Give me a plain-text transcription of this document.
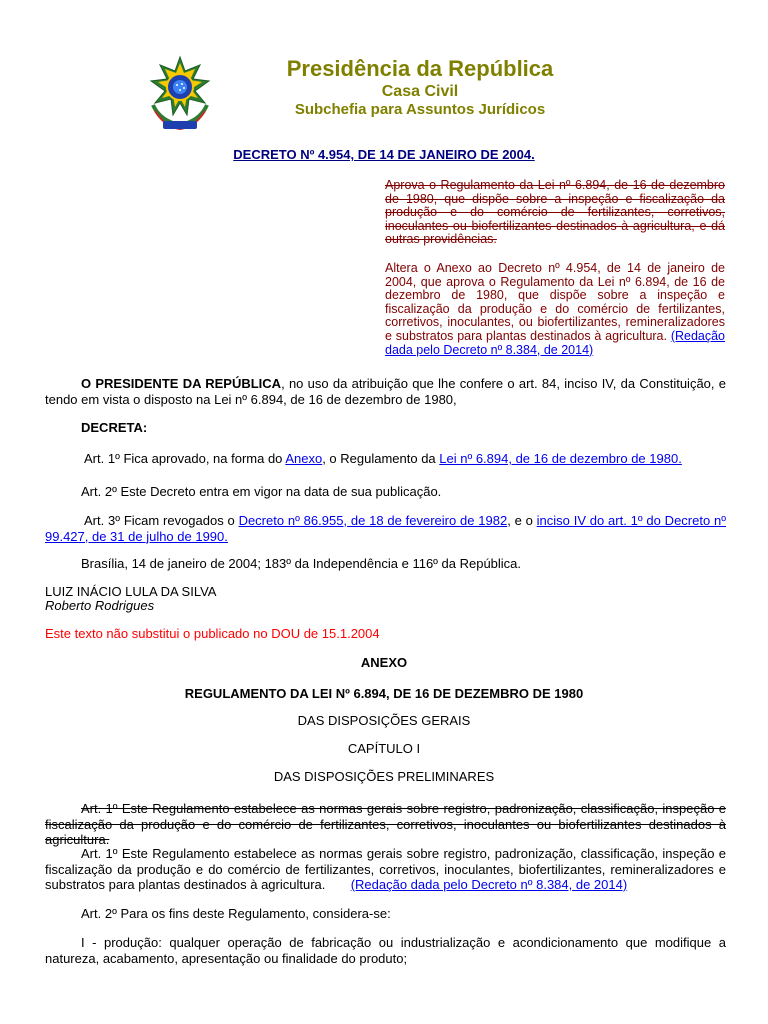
Presidência da República
Casa Civil
Subchefia para Assuntos Jurídicos
DECRETO Nº 4.954, DE 14 DE JANEIRO DE 2004.
Aprova o Regulamento da Lei nº 6.894, de 16 de dezembro de 1980, que dispõe sobre a inspeção e fiscalização da produção e do comércio de fertilizantes, corretivos, inoculantes ou biofertilizantes destinados à agricultura, e dá outras providências.
Altera o Anexo ao Decreto nº 4.954, de 14 de janeiro de 2004, que aprova o Regulamento da Lei nº 6.894, de 16 de dezembro de 1980, que dispõe sobre a inspeção e fiscalização da produção e do comércio de fertilizantes, corretivos, inoculantes, ou biofertilizantes, remineralizadores e substratos para plantas destinados à agricultura. (Redação dada pelo Decreto nº 8.384, de 2014)
O PRESIDENTE DA REPÚBLICA, no uso da atribuição que lhe confere o art. 84, inciso IV, da Constituição, e tendo em vista o disposto na Lei nº 6.894, de 16 de dezembro de 1980,
DECRETA:
Art. 1º Fica aprovado, na forma do Anexo, o Regulamento da Lei nº 6.894, de 16 de dezembro de 1980.
Art. 2º Este Decreto entra em vigor na data de sua publicação.
Art. 3º Ficam revogados o Decreto nº 86.955, de 18 de fevereiro de 1982, e o inciso IV do art. 1º do Decreto nº 99.427, de 31 de julho de 1990.
Brasília, 14 de janeiro de 2004; 183º da Independência e 116º da República.
LUIZ INÁCIO LULA DA SILVA
Roberto Rodrigues
Este texto não substitui o publicado no DOU de 15.1.2004
ANEXO
REGULAMENTO DA LEI Nº 6.894, DE 16 DE DEZEMBRO DE 1980
DAS DISPOSIÇÕES GERAIS
CAPÍTULO I
DAS DISPOSIÇÕES PRELIMINARES
Art. 1º Este Regulamento estabelece as normas gerais sobre registro, padronização, classificação, inspeção e fiscalização da produção e do comércio de fertilizantes, corretivos, inoculantes ou biofertilizantes destinados à agricultura.
Art. 1º Este Regulamento estabelece as normas gerais sobre registro, padronização, classificação, inspeção e fiscalização da produção e do comércio de fertilizantes, corretivos, inoculantes, biofertilizantes, remineralizadores e substratos para plantas destinados à agricultura. (Redação dada pelo Decreto nº 8.384, de 2014)
Art. 2º Para os fins deste Regulamento, considera-se:
I - produção: qualquer operação de fabricação ou industrialização e acondicionamento que modifique a natureza, acabamento, apresentação ou finalidade do produto;
